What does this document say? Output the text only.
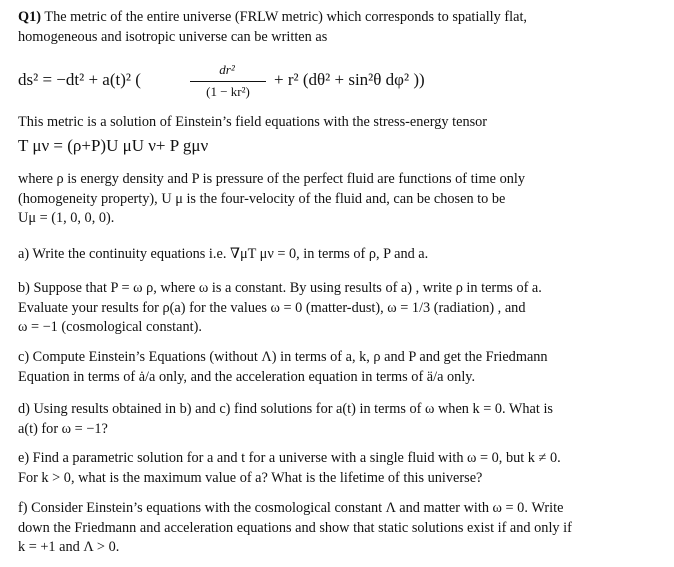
Q1) The metric of the entire universe (FRLW metric) which corresponds to spatially flat,
homogeneous and isotropic universe can be written as
ds² = −dt² + a(t)² (
dr²
(1 − kr²)
+ r² (dθ² + sin²θ dφ² ))
This metric is a solution of Einstein’s field equations with the stress-energy tensor
T μν = (ρ+P)U μU ν+ P gμν
where ρ is energy density and P is pressure of the perfect fluid are functions of time only
(homogeneity property), U μ is the four-velocity of the fluid and, can be chosen to be
Uμ = (1, 0, 0, 0).
a) Write the continuity equations i.e. ∇μT μν = 0, in terms of ρ, P and a.
b) Suppose that P = ω ρ, where ω is a constant. By using results of a) , write ρ in terms of a.
Evaluate your results for ρ(a) for the values ω = 0 (matter-dust), ω = 1/3 (radiation) , and
ω = −1 (cosmological constant).
c) Compute Einstein’s Equations (without Λ) in terms of a, k, ρ and P and get the Friedmann
Equation in terms of ȧ/a only, and the acceleration equation in terms of ä/a only.
d) Using results obtained in b) and c) find solutions for a(t) in terms of ω when k = 0. What is
a(t) for ω = −1?
e) Find a parametric solution for a and t for a universe with a single fluid with ω = 0, but k ≠ 0.
For k > 0, what is the maximum value of a? What is the lifetime of this universe?
f) Consider Einstein’s equations with the cosmological constant Λ and matter with ω = 0. Write
down the Friedmann and acceleration equations and show that static solutions exist if and only if
k = +1 and Λ > 0.
